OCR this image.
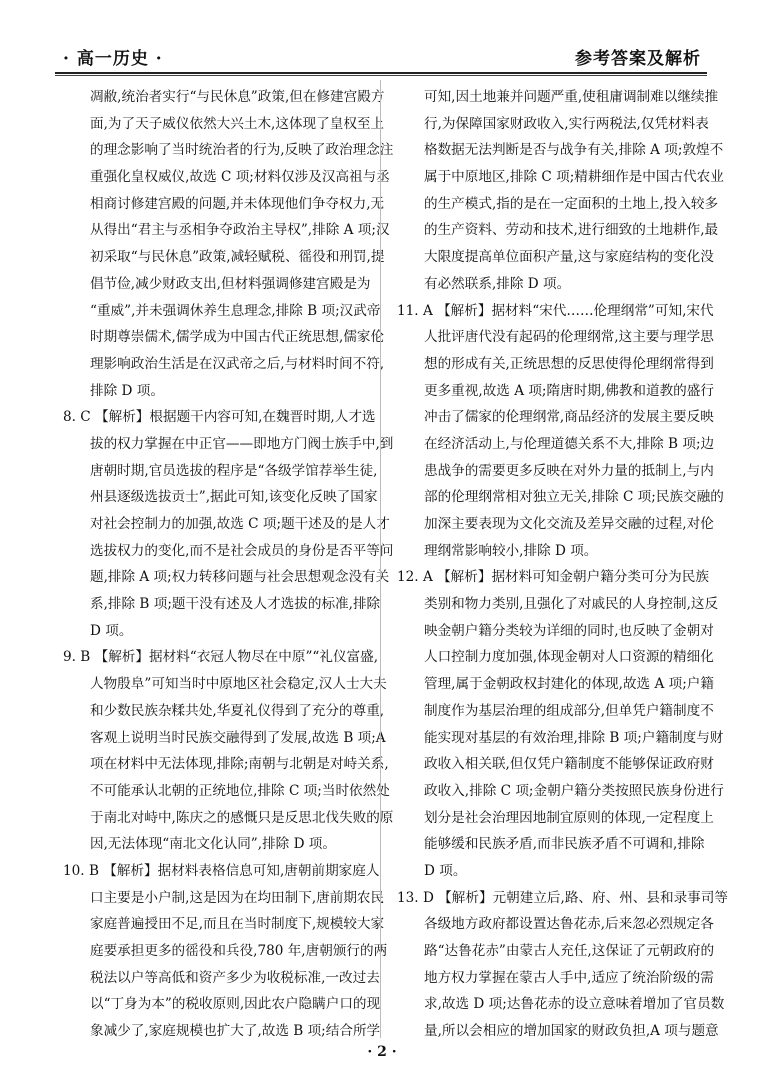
· 高一历史 ·	参考答案及解析
凋敝,统治者实行“与民休息”政策,但在修建宫殿方
面,为了天子威仪依然大兴土木,这体现了皇权至上
的理念影响了当时统治者的行为,反映了政治理念注
重强化皇权威仪,故选 C 项;材料仅涉及汉高祖与丞
相商讨修建宫殿的问题,并未体现他们争夺权力,无
从得出“君主与丞相争夺政治主导权”,排除 A 项;汉
初采取“与民休息”政策,减轻赋税、徭役和刑罚,提
倡节俭,减少财政支出,但材料强调修建宫殿是为
“重威”,并未强调休养生息理念,排除 B 项;汉武帝
时期尊崇儒术,儒学成为中国古代正统思想,儒家伦
理影响政治生活是在汉武帝之后,与材料时间不符,
排除 D 项。
8. C 【解析】根据题干内容可知,在魏晋时期,人才选
拔的权力掌握在中正官——即地方门阀士族手中,到
唐朝时期,官员选拔的程序是“各级学馆荐举生徒,
州县逐级选拔贡士”,据此可知,该变化反映了国家
对社会控制力的加强,故选 C 项;题干述及的是人才
选拔权力的变化,而不是社会成员的身份是否平等问
题,排除 A 项;权力转移问题与社会思想观念没有关
系,排除 B 项;题干没有述及人才选拔的标准,排除
D 项。
9. B 【解析】据材料“衣冠人物尽在中原”“礼仪富盛,
人物殷阜”可知当时中原地区社会稳定,汉人士大夫
和少数民族杂糅共处,华夏礼仪得到了充分的尊重,
客观上说明当时民族交融得到了发展,故选 B 项;A
项在材料中无法体现,排除;南朝与北朝是对峙关系,
不可能承认北朝的正统地位,排除 C 项;当时依然处
于南北对峙中,陈庆之的感慨只是反思北伐失败的原
因,无法体现“南北文化认同”,排除 D 项。
10. B 【解析】据材料表格信息可知,唐朝前期家庭人
口主要是小户制,这是因为在均田制下,唐前期农民
家庭普遍授田不足,而且在当时制度下,规模较大家
庭要承担更多的徭役和兵役,780 年,唐朝颁行的两
税法以户等高低和资产多少为收税标准,一改过去
以“丁身为本”的税收原则,因此农户隐瞒户口的现
象减少了,家庭规模也扩大了,故选 B 项;结合所学
可知,因土地兼并问题严重,使租庸调制难以继续推
行,为保障国家财政收入,实行两税法,仅凭材料表
格数据无法判断是否与战争有关,排除 A 项;敦煌不
属于中原地区,排除 C 项;精耕细作是中国古代农业
的生产模式,指的是在一定面积的土地上,投入较多
的生产资料、劳动和技术,进行细致的土地耕作,最
大限度提高单位面积产量,这与家庭结构的变化没
有必然联系,排除 D 项。
11. A 【解析】据材料“宋代……伦理纲常”可知,宋代
人批评唐代没有起码的伦理纲常,这主要与理学思
想的形成有关,正统思想的反思使得伦理纲常得到
更多重视,故选 A 项;隋唐时期,佛教和道教的盛行
冲击了儒家的伦理纲常,商品经济的发展主要反映
在经济活动上,与伦理道德关系不大,排除 B 项;边
患战争的需要更多反映在对外力量的抵制上,与内
部的伦理纲常相对独立无关,排除 C 项;民族交融的
加深主要表现为文化交流及差异交融的过程,对伦
理纲常影响较小,排除 D 项。
12. A 【解析】据材料可知金朝户籍分类可分为民族
类别和物力类别,且强化了对戚民的人身控制,这反
映金朝户籍分类较为详细的同时,也反映了金朝对
人口控制力度加强,体现金朝对人口资源的精细化
管理,属于金朝政权封建化的体现,故选 A 项;户籍
制度作为基层治理的组成部分,但单凭户籍制度不
能实现对基层的有效治理,排除 B 项;户籍制度与财
政收入相关联,但仅凭户籍制度不能够保证政府财
政收入,排除 C 项;金朝户籍分类按照民族身份进行
划分是社会治理因地制宜原则的体现,一定程度上
能够缓和民族矛盾,而非民族矛盾不可调和,排除
D 项。
13. D 【解析】元朝建立后,路、府、州、县和录事司等
各级地方政府都设置达鲁花赤,后来忽必烈规定各
路“达鲁花赤”由蒙古人充任,这保证了元朝政府的
地方权力掌握在蒙古人手中,适应了统治阶级的需
求,故选 D 项;达鲁花赤的设立意味着增加了官员数
量,所以会相应的增加国家的财政负担,A 项与题意
· 2 ·
